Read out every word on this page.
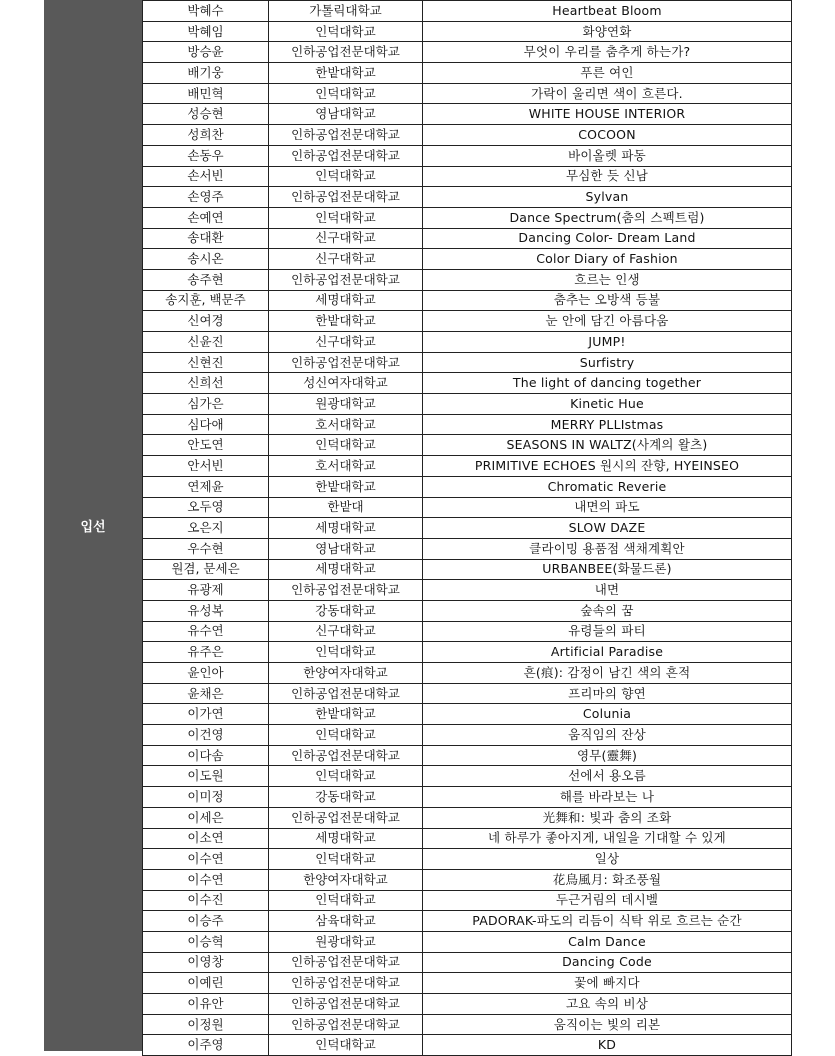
입선
박혜수	가톨릭대학교	Heartbeat Bloom
박혜임	인덕대학교	화양연화
방승윤	인하공업전문대학교	무엇이 우리를 춤추게 하는가?
배기웅	한밭대학교	푸른 여인
배민혁	인덕대학교	가락이 울리면 색이 흐른다.
성승현	영남대학교	WHITE HOUSE INTERIOR
성희찬	인하공업전문대학교	COCOON
손동우	인하공업전문대학교	바이올렛 파동
손서빈	인덕대학교	무심한 듯 신남
손영주	인하공업전문대학교	Sylvan
손예연	인덕대학교	Dance Spectrum(춤의 스펙트럼)
송대환	신구대학교	Dancing Color- Dream Land
송시온	신구대학교	Color Diary of Fashion
송주현	인하공업전문대학교	흐르는 인생
송지훈, 백문주	세명대학교	춤추는 오방색 등불
신여경	한밭대학교	눈 안에 담긴 아름다움
신윤진	신구대학교	JUMP!
신현진	인하공업전문대학교	Surfistry
신희선	성신여자대학교	The light of dancing together
심가은	원광대학교	Kinetic Hue
심다애	호서대학교	MERRY PLLIstmas
안도연	인덕대학교	SEASONS IN WALTZ(사계의 왈츠)
안서빈	호서대학교	PRIMITIVE ECHOES 원시의 잔향, HYEINSEO
연제윤	한밭대학교	Chromatic Reverie
오두영	한밭대	내면의 파도
오은지	세명대학교	SLOW DAZE
우수현	영남대학교	클라이밍 용품점 색채계획안
원겸, 문세은	세명대학교	URBANBEE(화물드론)
유광제	인하공업전문대학교	내면
유성복	강동대학교	숲속의 꿈
유수연	신구대학교	유령들의 파티
유주은	인덕대학교	Artificial Paradise
윤인아	한양여자대학교	흔(痕): 감정이 남긴 색의 흔적
윤채은	인하공업전문대학교	프리마의 향연
이가연	한밭대학교	Colunia
이건영	인덕대학교	움직임의 잔상
이다솜	인하공업전문대학교	영무(靈舞)
이도원	인덕대학교	선에서 용오름
이미정	강동대학교	해를 바라보는 나
이세은	인하공업전문대학교	光舞和: 빛과 춤의 조화
이소연	세명대학교	네 하루가 좋아지게, 내일을 기대할 수 있게
이수연	인덕대학교	일상
이수연	한양여자대학교	花鳥風月: 화조풍월
이수진	인덕대학교	두근거림의 데시벨
이승주	삼육대학교	PADORAK-파도의 리듬이 식탁 위로 흐르는 순간
이승혁	원광대학교	Calm Dance
이영창	인하공업전문대학교	Dancing Code
이예린	인하공업전문대학교	꽃에 빠지다
이유안	인하공업전문대학교	고요 속의 비상
이정원	인하공업전문대학교	움직이는 빛의 리본
이주영	인덕대학교	KD
